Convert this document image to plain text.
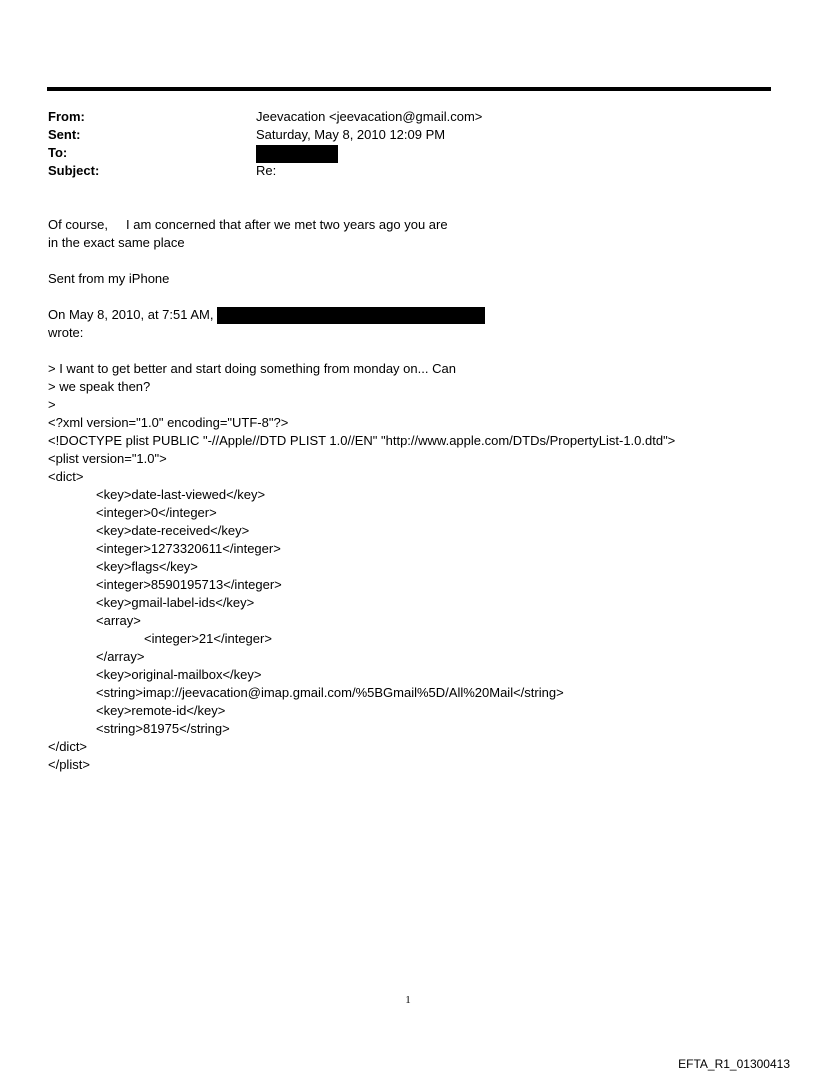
From:	Jeevacation <jeevacation@gmail.com>
Sent:	Saturday, May 8, 2010 12:09 PM
To:
Subject:	Re:
Of course,     I am concerned that after we met two years ago you are
in the exact same place
Sent from my iPhone
On May 8, 2010, at 7:51 AM,
wrote:
> I want to get better and start doing something from monday on... Can
> we speak then?
>
<?xml version="1.0" encoding="UTF-8"?>
<!DOCTYPE plist PUBLIC "-//Apple//DTD PLIST 1.0//EN" "http://www.apple.com/DTDs/PropertyList-1.0.dtd">
<plist version="1.0">
<dict>
<key>date-last-viewed</key>
<integer>0</integer>
<key>date-received</key>
<integer>1273320611</integer>
<key>flags</key>
<integer>8590195713</integer>
<key>gmail-label-ids</key>
<array>
<integer>21</integer>
</array>
<key>original-mailbox</key>
<string>imap://jeevacation@imap.gmail.com/%5BGmail%5D/All%20Mail</string>
<key>remote-id</key>
<string>81975</string>
</dict>
</plist>
1
EFTA_R1_01300413
